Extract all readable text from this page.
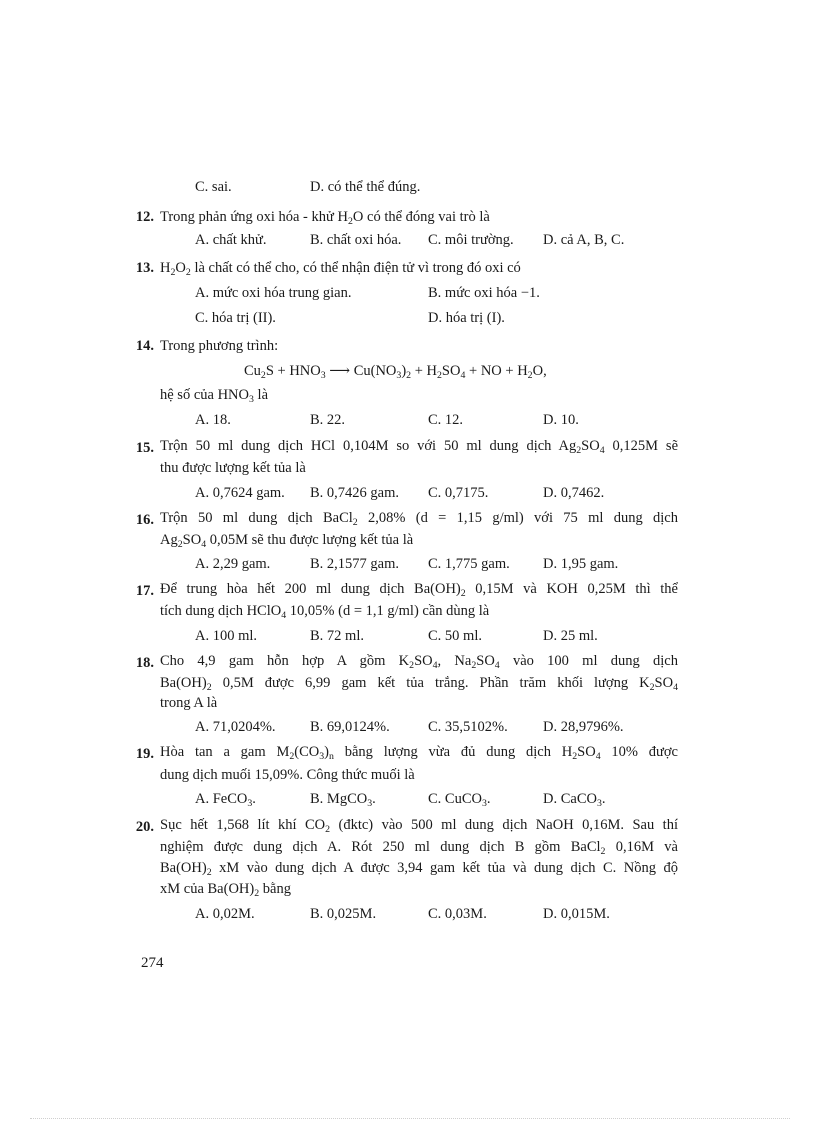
C. sai.	D. có thể thể đúng.
12. Trong phản ứng oxi hóa - khử $H_2O$ có thể đóng vai trò là
A. chất khử.	B. chất oxi hóa. C. môi trường. D. cả A, B, C.
13. $H_2O_2$ là chất có thể cho, có thể nhận điện tử vì trong đó oxi có
A. mức oxi hóa trung gian.	B. mức oxi hóa −1.
C. hóa trị (II).	D. hóa trị (I).
14. Trong phương trình:
$Cu_2S + HNO_3$ ⟶ $Cu(NO_3)_2 + H_2SO_4$ + NO + $H_2O$,
hệ số của $HNO_3$ là
A. 18.	B. 22.	C. 12.	D. 10.
15. Trộn 50 ml dung dịch HCl 0,104M so với 50 ml dung dịch $Ag_2SO_4$ 0,125M sẽ
thu được lượng kết tủa là
A. 0,7624 gam. B. 0,7426 gam. C. 0,7175.	D. 0,7462.
16. Trộn 50 ml dung dịch BaCl$_2$ 2,08% (d = 1,15 g/ml) với 75 ml dung dịch
$Ag_2SO_4$ 0,05M sẽ thu được lượng kết tủa là
A. 2,29 gam.	B. 2,1577 gam. C. 1,775 gam. D. 1,95 gam.
17. Để trung hòa hết 200 ml dung dịch $Ba(OH)_2$ 0,15M và KOH 0,25M thì thể
tích dung dịch HClO$_4$ 10,05% (d = 1,1 g/ml) cần dùng là
A. 100 ml.	B. 72 ml.	C. 50 ml.	D. 25 ml.
18. Cho 4,9 gam hỗn hợp A gồm $K_2SO_4$, $Na_2SO_4$ vào 100 ml dung dịch
$Ba(OH)_2$ 0,5M được 6,99 gam kết tủa trắng. Phần trăm khối lượng $K_2SO_4$
trong A là
A. 71,0204%. B. 69,0124%.	C. 35,5102%. D. 28,9796%.
19. Hòa tan a gam $M_2(CO_3)_n$ bằng lượng vừa đủ dung dịch $H_2SO_4$ 10% được
dung dịch muối 15,09%. Công thức muối là
A. FeCO$_3$.	B. MgCO$_3$.	C. CuCO$_3$.	D. CaCO$_3$.
20. Sục hết 1,568 lít khí $CO_2$ (đktc) vào 500 ml dung dịch NaOH 0,16M. Sau thí
nghiệm được dung dịch A. Rót 250 ml dung dịch B gồm BaCl$_2$ 0,16M và
$Ba(OH)_2$ xM vào dung dịch A được 3,94 gam kết tủa và dung dịch C. Nồng độ
xM của $Ba(OH)_2$ bằng
A. 0,02M.	B. 0,025M.	C. 0,03M.	D. 0,015M.
274
